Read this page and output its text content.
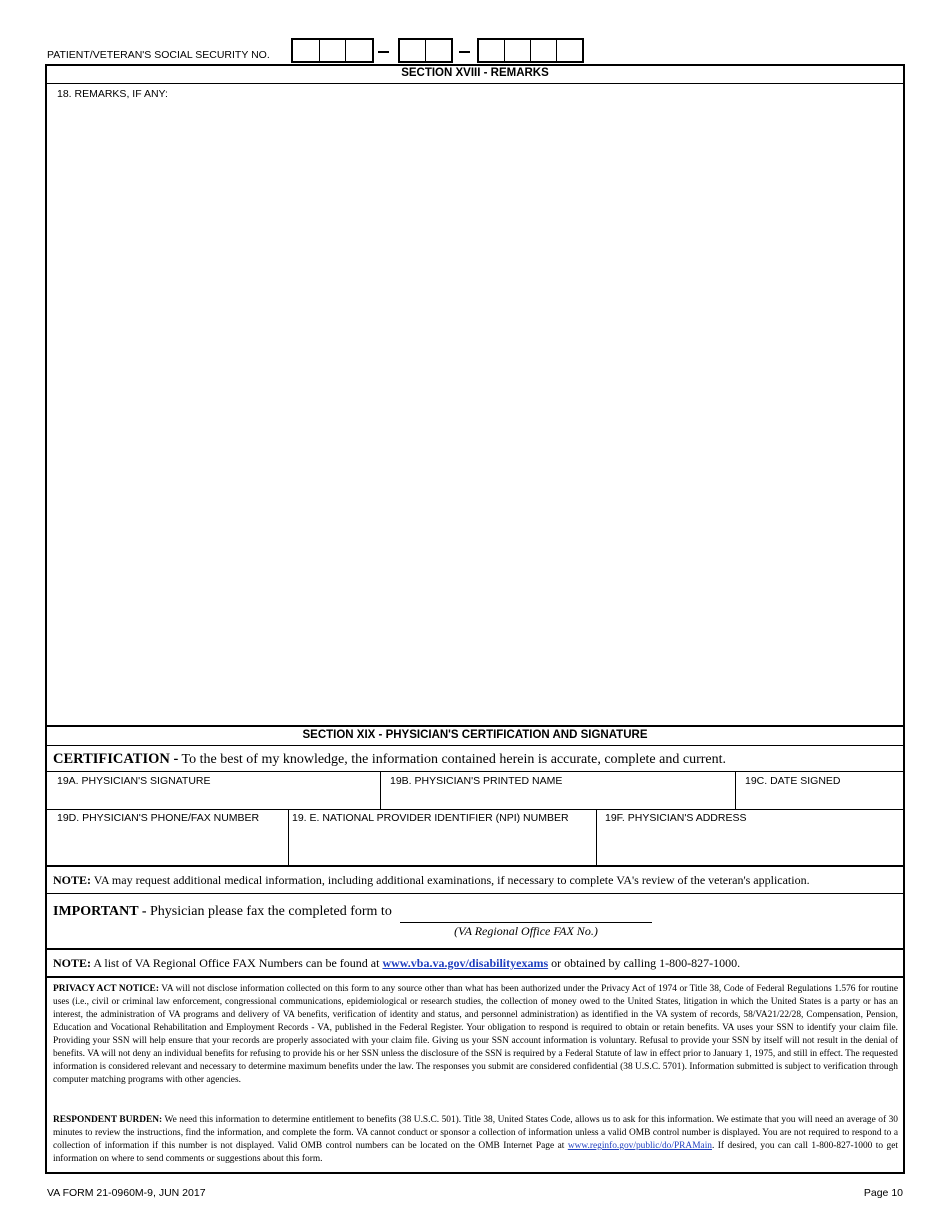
PATIENT/VETERAN'S SOCIAL SECURITY NO.
SECTION XVIII - REMARKS
18. REMARKS, IF ANY:
SECTION XIX - PHYSICIAN'S CERTIFICATION AND SIGNATURE
CERTIFICATION - To the best of my knowledge, the information contained herein is accurate, complete and current.
19A. PHYSICIAN'S SIGNATURE	19B. PHYSICIAN'S PRINTED NAME	19C. DATE SIGNED
19D. PHYSICIAN'S PHONE/FAX NUMBER	19. E. NATIONAL PROVIDER IDENTIFIER (NPI) NUMBER	19F. PHYSICIAN'S ADDRESS
NOTE: VA may request additional medical information, including additional examinations, if necessary to complete VA's review of the veteran's application.
IMPORTANT - Physician please fax the completed form to
(VA Regional Office FAX No.)
NOTE: A list of VA Regional Office FAX Numbers can be found at www.vba.va.gov/disabilityexams or obtained by calling 1-800-827-1000.
PRIVACY ACT NOTICE: VA will not disclose information collected on this form to any source other than what has been authorized under the Privacy Act of 1974 or Title 38, Code of Federal Regulations 1.576 for routine uses (i.e., civil or criminal law enforcement, congressional communications, epidemiological or research studies, the collection of money owed to the United States, litigation in which the United States is a party or has an interest, the administration of VA programs and delivery of VA benefits, verification of identity and status, and personnel administration) as identified in the VA system of records, 58/VA21/22/28, Compensation, Pension, Education and Vocational Rehabilitation and Employment Records - VA, published in the Federal Register. Your obligation to respond is required to obtain or retain benefits. VA uses your SSN to identify your claim file. Providing your SSN will help ensure that your records are properly associated with your claim file. Giving us your SSN account information is voluntary. Refusal to provide your SSN by itself will not result in the denial of benefits. VA will not deny an individual benefits for refusing to provide his or her SSN unless the disclosure of the SSN is required by a Federal Statute of law in effect prior to January 1, 1975, and still in effect. The requested information is considered relevant and necessary to determine maximum benefits under the law. The responses you submit are considered confidential (38 U.S.C. 5701). Information submitted is subject to verification through computer matching programs with other agencies.
RESPONDENT BURDEN: We need this information to determine entitlement to benefits (38 U.S.C. 501). Title 38, United States Code, allows us to ask for this information. We estimate that you will need an average of 30 minutes to review the instructions, find the information, and complete the form. VA cannot conduct or sponsor a collection of information unless a valid OMB control number is displayed. You are not required to respond to a collection of information if this number is not displayed. Valid OMB control numbers can be located on the OMB Internet Page at www.reginfo.gov/public/do/PRAMain. If desired, you can call 1-800-827-1000 to get information on where to send comments or suggestions about this form.
VA FORM 21-0960M-9, JUN 2017	Page 10
